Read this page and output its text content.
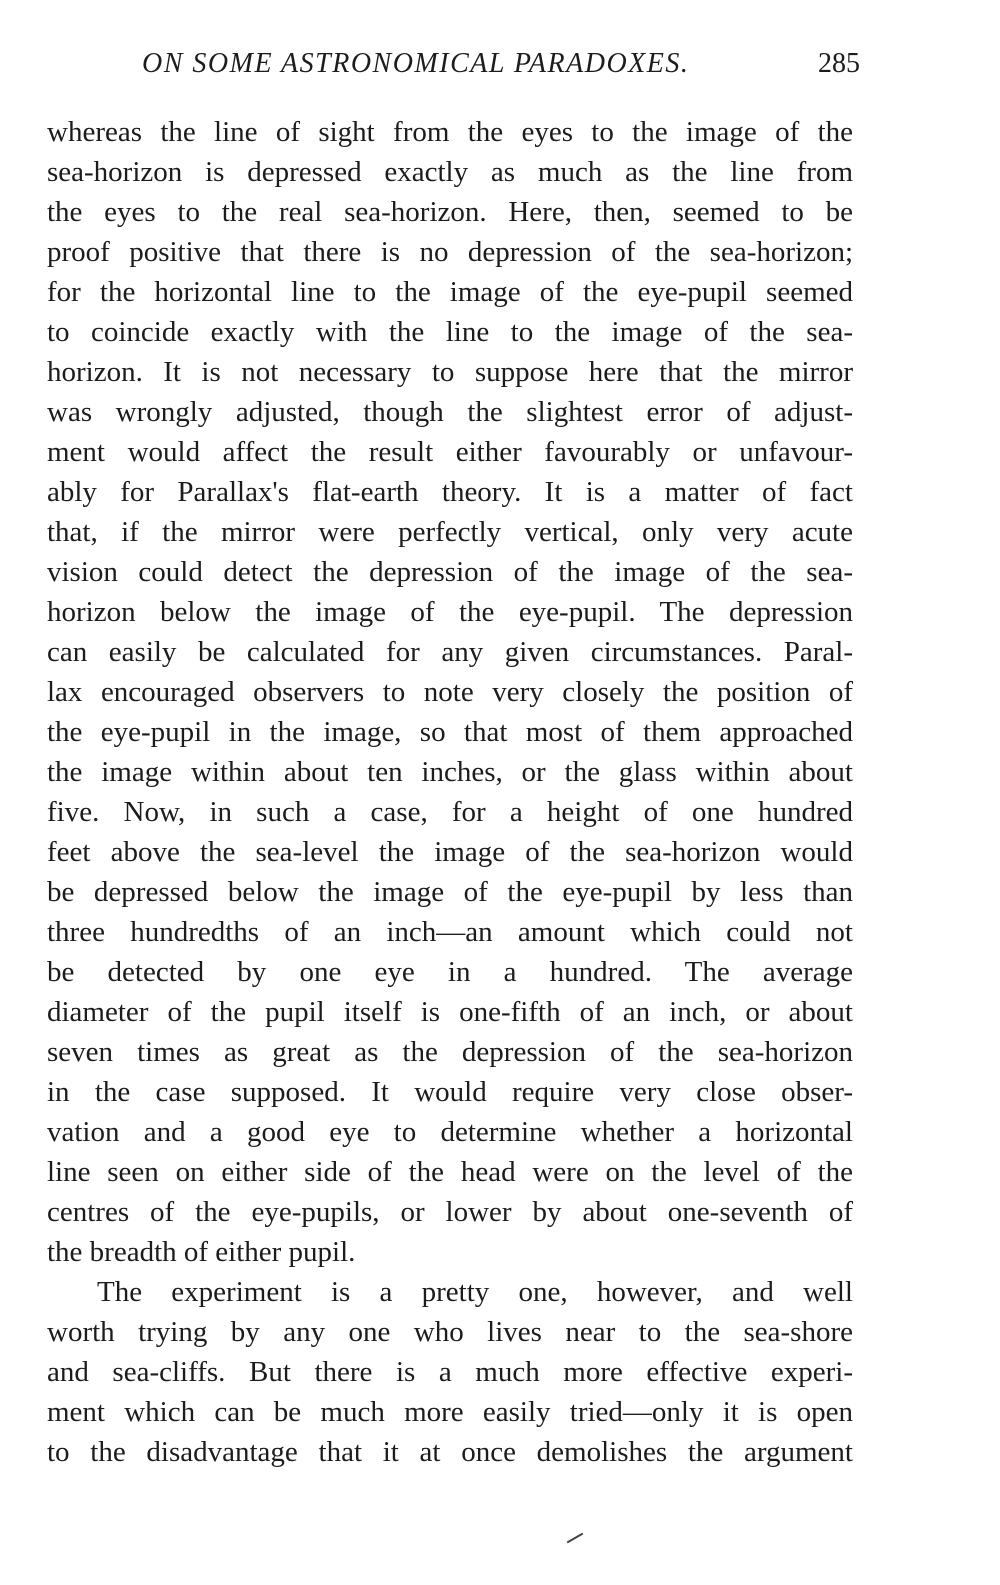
ON SOME ASTRONOMICAL PARADOXES.	285
whereas the line of sight from the eyes to the image of the
sea-horizon is depressed exactly as much as the line from
the eyes to the real sea-horizon. Here, then, seemed to be
proof positive that there is no depression of the sea-horizon;
for the horizontal line to the image of the eye-pupil seemed
to coincide exactly with the line to the image of the sea-
horizon. It is not necessary to suppose here that the mirror
was wrongly adjusted, though the slightest error of adjust-
ment would affect the result either favourably or unfavour-
ably for Parallax's flat-earth theory. It is a matter of fact
that, if the mirror were perfectly vertical, only very acute
vision could detect the depression of the image of the sea-
horizon below the image of the eye-pupil. The depression
can easily be calculated for any given circumstances. Paral-
lax encouraged observers to note very closely the position of
the eye-pupil in the image, so that most of them approached
the image within about ten inches, or the glass within about
five. Now, in such a case, for a height of one hundred
feet above the sea-level the image of the sea-horizon would
be depressed below the image of the eye-pupil by less than
three hundredths of an inch—an amount which could not
be detected by one eye in a hundred. The average
diameter of the pupil itself is one-fifth of an inch, or about
seven times as great as the depression of the sea-horizon
in the case supposed. It would require very close obser-
vation and a good eye to determine whether a horizontal
line seen on either side of the head were on the level of the
centres of the eye-pupils, or lower by about one-seventh of
the breadth of either pupil.
The experiment is a pretty one, however, and well
worth trying by any one who lives near to the sea-shore
and sea-cliffs. But there is a much more effective experi-
ment which can be much more easily tried—only it is open
to the disadvantage that it at once demolishes the argument
